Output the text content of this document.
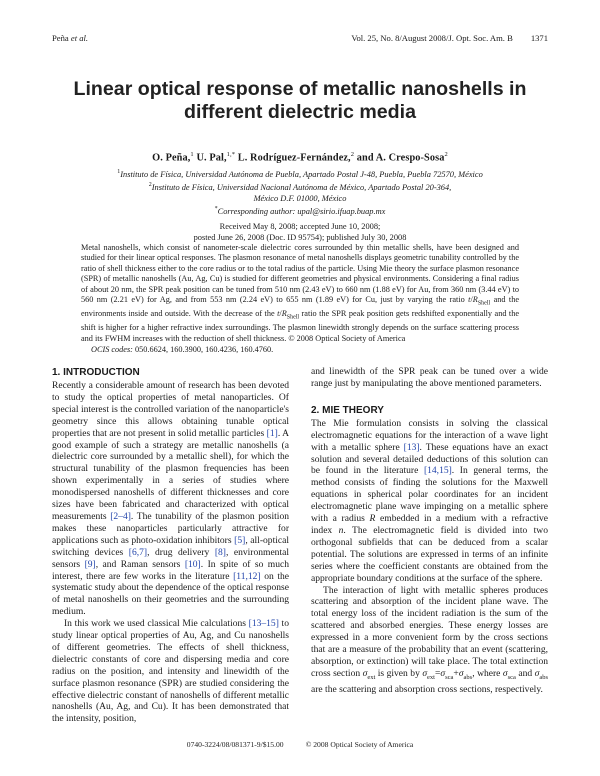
Peña et al.	Vol. 25, No. 8/August 2008/J. Opt. Soc. Am. B 1371
Linear optical response of metallic nanoshells in different dielectric media
O. Peña,$^1$ U. Pal,$^{1,*}$ L. Rodríguez-Fernández,$^2$ and A. Crespo-Sosa$^2$
$^1$Instituto de Física, Universidad Autónoma de Puebla, Apartado Postal J-48, Puebla, Puebla 72570, México
$^2$Instituto de Física, Universidad Nacional Autónoma de México, Apartado Postal 20-364,
México D.F. 01000, México
*Corresponding author: upal@sirio.ifuap.buap.mx
Received May 8, 2008; accepted June 10, 2008;
posted June 26, 2008 (Doc. ID 95754); published July 30, 2008
Metal nanoshells, which consist of nanometer-scale dielectric cores surrounded by thin metallic shells, have been designed and studied for their linear optical responses. The plasmon resonance of metal nanoshells displays geometric tunability controlled by the ratio of shell thickness either to the core radius or to the total radius of the particle. Using Mie theory the surface plasmon resonance (SPR) of metallic nanoshells (Au, Ag, Cu) is studied for different geometries and physical environments. Considering a final radius of about 20 nm, the SPR peak position can be tuned from 510 nm (2.43 eV) to 660 nm (1.88 eV) for Au, from 360 nm (3.44 eV) to 560 nm (2.21 eV) for Ag, and from 553 nm (2.24 eV) to 655 nm (1.89 eV) for Cu, just by varying the ratio $t/R_{Shell}$ and the environments inside and outside. With the decrease of the $t/R_{Shell}$ ratio the SPR peak position gets redshifted exponentially and the shift is higher for a higher refractive index surroundings. The plasmon linewidth strongly depends on the surface scattering process and its FWHM increases with the reduction of shell thickness. © 2008 Optical Society of America
OCIS codes: 050.6624, 160.3900, 160.4236, 160.4760.
1. INTRODUCTION

Recently a considerable amount of research has been devoted to study the optical properties of metal nanoparticles. Of special interest is the controlled variation of the nanoparticle's geometry since this allows obtaining tunable optical properties that are not present in solid metallic particles [1]. A good example of such a strategy are metallic nanoshells (a dielectric core surrounded by a metallic shell), for which the structural tunability of the plasmon frequencies has been shown experimentally in a series of studies where monodispersed nanoshells of different thicknesses and core sizes have been fabricated and characterized with optical measurements [2–4]. The tunability of the plasmon position makes these nanoparticles particularly attractive for applications such as photo-oxidation inhibitors [5], all-optical switching devices [6,7], drug delivery [8], environmental sensors [9], and Raman sensors [10]. In spite of so much interest, there are few works in the literature [11,12] on the systematic study about the dependence of the optical response of metal nanoshells on their geometries and the surrounding medium.

In this work we used classical Mie calculations [13–15] to study linear optical properties of Au, Ag, and Cu nanoshells of different geometries. The effects of shell thickness, dielectric constants of core and dispersing media and core radius on the position, and intensity and linewidth of the surface plasmon resonance (SPR) are studied considering the effective dielectric constant of nanoshells of different metallic nanoshells (Au, Ag, and Cu). It has been demonstrated that the intensity, position,

and linewidth of the SPR peak can be tuned over a wide range just by manipulating the above mentioned parameters.

2. MIE THEORY

The Mie formulation consists in solving the classical electromagnetic equations for the interaction of a wave light with a metallic sphere [13]. These equations have an exact solution and several detailed deductions of this solution can be found in the literature [14,15]. In general terms, the method consists of finding the solutions for the Maxwell equations in spherical polar coordinates for an incident electromagnetic plane wave impinging on a metallic sphere with a radius R embedded in a medium with a refractive index n. The electromagnetic field is divided into two orthogonal subfields that can be deduced from a scalar potential. The solutions are expressed in terms of an infinite series where the coefficient constants are obtained from the appropriate boundary conditions at the surface of the sphere.

The interaction of light with metallic spheres produces scattering and absorption of the incident plane wave. The total energy loss of the incident radiation is the sum of the scattered and absorbed energies. These energy losses are expressed in a more convenient form by the cross sections that are a measure of the probability that an event (scattering, absorption, or extinction) will take place. The total extinction cross section $\sigma_{ext}$ is given by $\sigma_{ext}=\sigma_{sca}+\sigma_{abs}$, where $\sigma_{sca}$ and $\sigma_{abs}$ are the scattering and absorption cross sections, respectively.

0740-3224/08/081371-9/$15.00	© 2008 Optical Society of America
